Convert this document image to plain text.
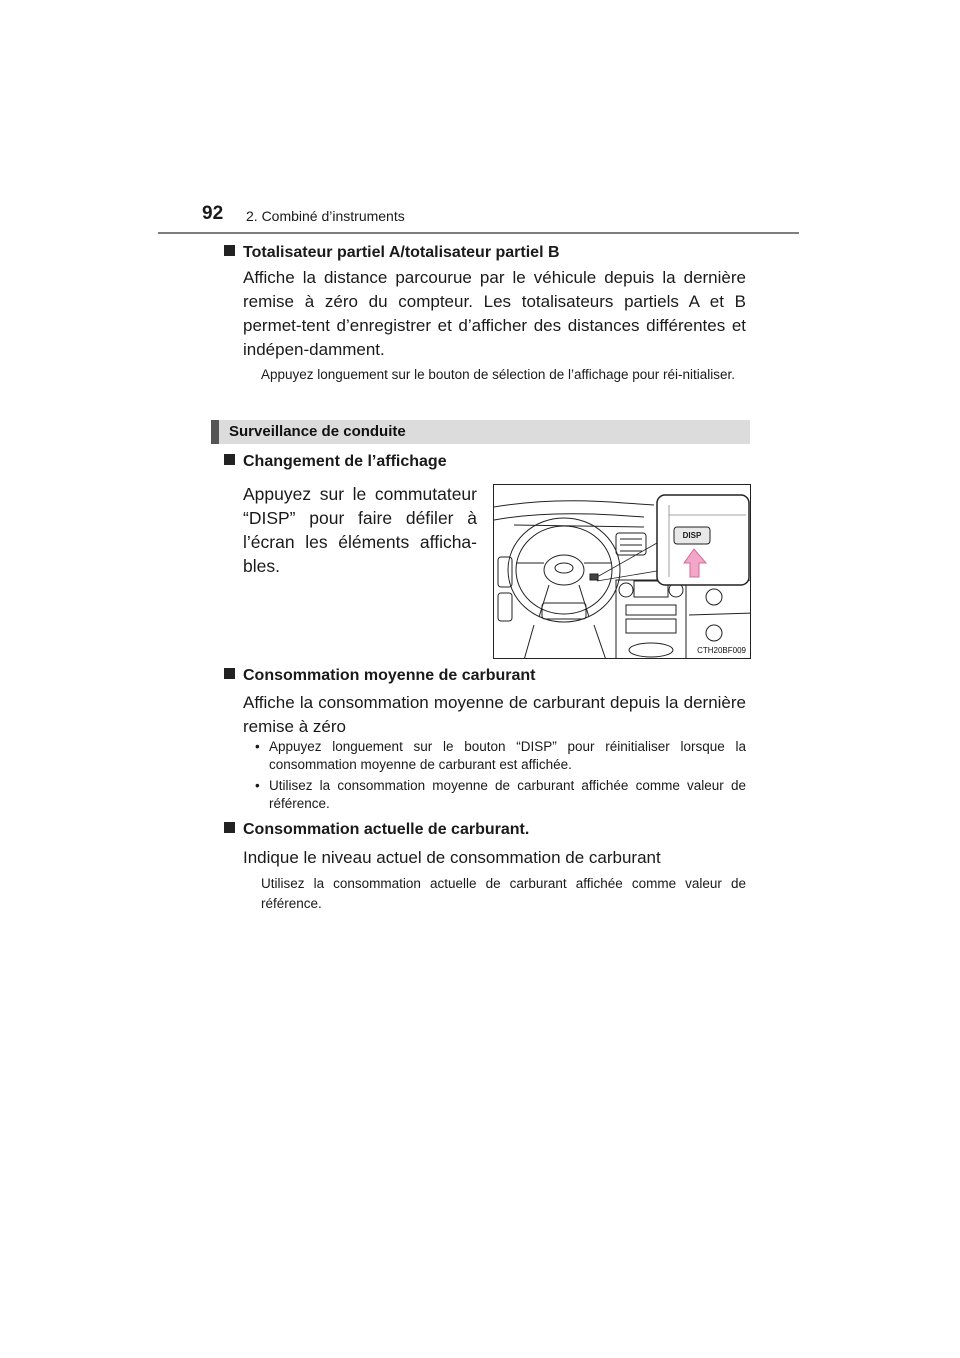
92 2. Combiné d’instruments
Totalisateur partiel A/totalisateur partiel B
Affiche la distance parcourue par le véhicule depuis la dernière remise à zéro du compteur. Les totalisateurs partiels A et B permet-tent d’enregistrer et d’afficher des distances différentes et indépen-damment.
Appuyez longuement sur le bouton de sélection de l’affichage pour réi-nitialiser.
Surveillance de conduite
Changement de l’affichage
Appuyez sur le commutateur “DISP” pour faire défiler à l’écran les éléments afficha-bles.
DISP
CTH20BF009
Consommation moyenne de carburant
Affiche la consommation moyenne de carburant depuis la dernière remise à zéro
• Appuyez longuement sur le bouton “DISP” pour réinitialiser lorsque la consommation moyenne de carburant est affichée.
• Utilisez la consommation moyenne de carburant affichée comme valeur de référence.
Consommation actuelle de carburant.
Indique le niveau actuel de consommation de carburant
Utilisez la consommation actuelle de carburant affichée comme valeur de référence.
